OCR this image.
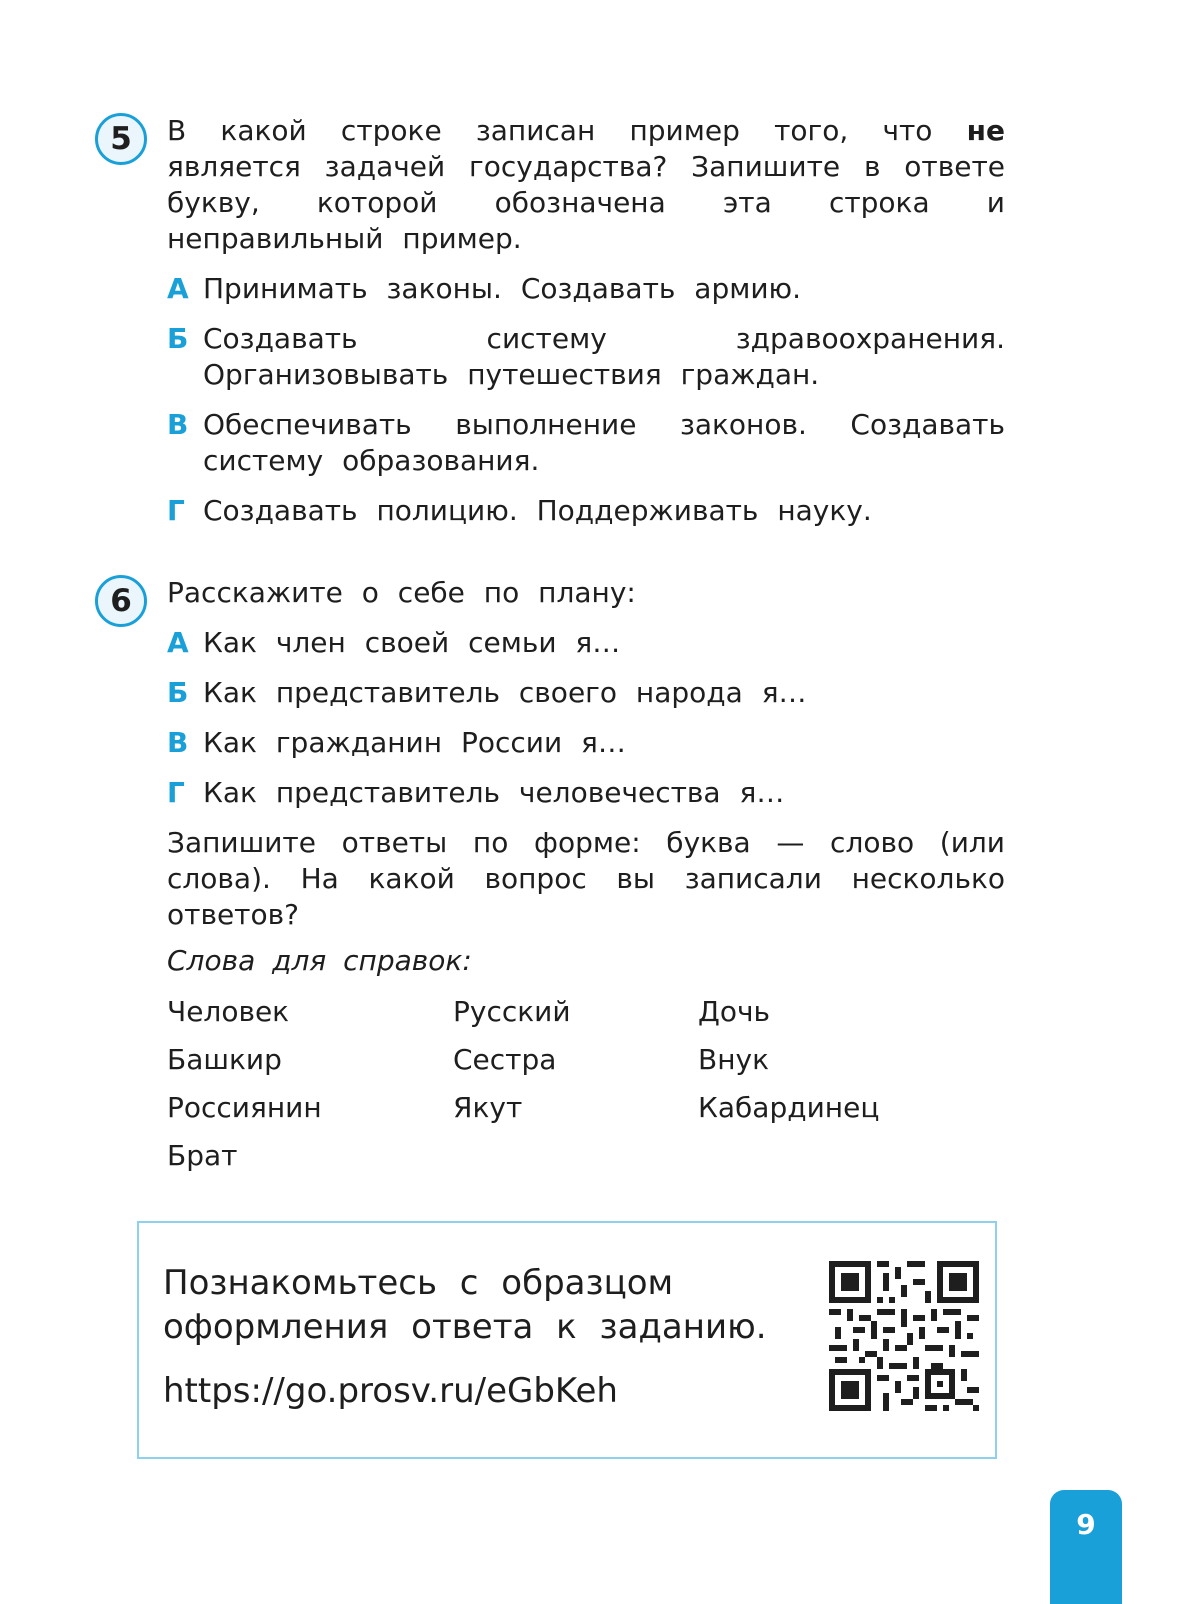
5	В какой строке записан пример того, что не является задачей государства? Запишите в ответе букву, которой обозначена эта строка и неправильный пример.

А Принимать законы. Создавать армию.
Б Создавать систему здравоохранения. Организовывать путешествия граждан.
В Обеспечивать выполнение законов. Создавать систему образования.
Г Создавать полицию. Поддерживать науку.
6	Расскажите о себе по плану:

А Как член своей семьи я…
Б Как представитель своего народа я…
В Как гражданин России я…
Г Как представитель человечества я…

Запишите ответы по форме: буква — слово (или слова). На какой вопрос вы записали несколько ответов?

Слова для справок:
Человек	Русский	Дочь
Башкир	Сестра	Внук
Россиянин	Якут	Кабардинец
Брат
Познакомьтесь с образцом оформления ответа к заданию.
https://go.prosv.ru/eGbKeh
9
